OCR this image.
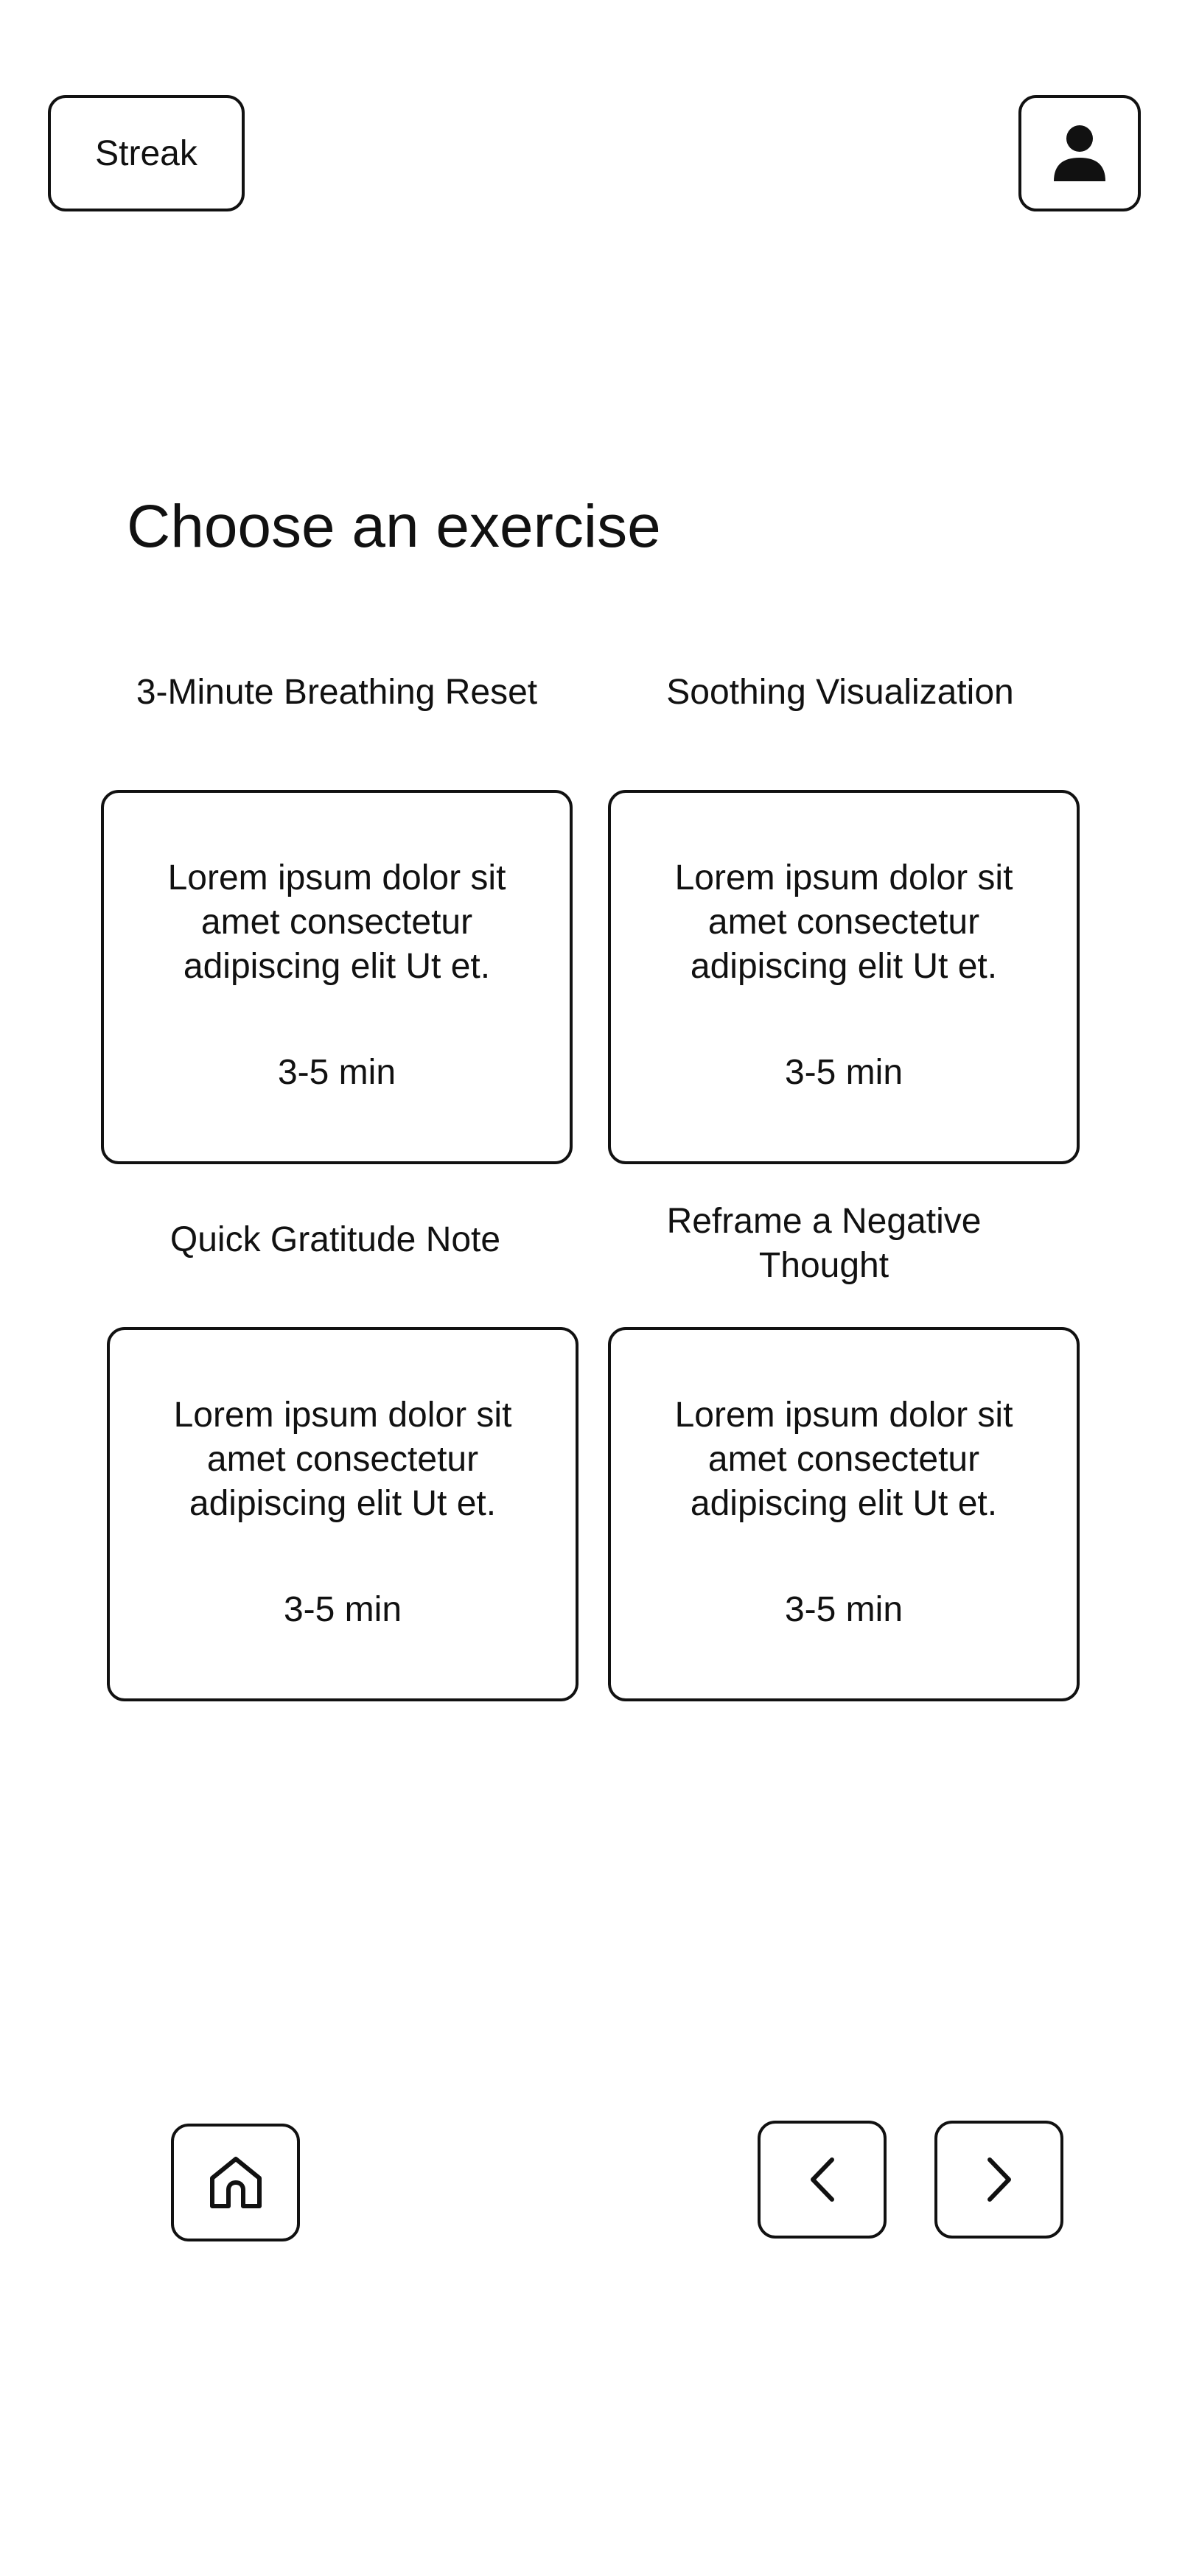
Streak
Choose an exercise
3-Minute Breathing Reset
Lorem ipsum dolor sit amet consectetur adipiscing elit Ut et.
3-5 min
Soothing Visualization
Lorem ipsum dolor sit amet consectetur adipiscing elit Ut et.
3-5 min
Quick Gratitude Note
Lorem ipsum dolor sit amet consectetur adipiscing elit Ut et.
3-5 min
Reframe a Negative Thought
Lorem ipsum dolor sit amet consectetur adipiscing elit Ut et.
3-5 min
